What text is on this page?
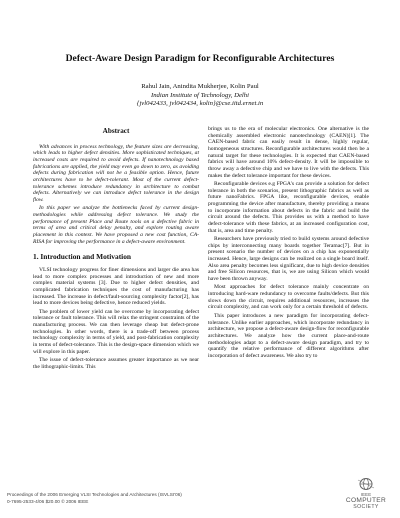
Defect-Aware Design Paradigm for Reconfigurable Architectures
Rahul Jain, Anindita Mukherjee, Kolin Paul
Indian Institute of Technology, Delhi
{jvl042433, jvl042434, kolin}@cse.iitd.ernet.in
Abstract

With advances in process technology, the feature sizes are decreasing, which leads to higher defect densities. More sophisticated techniques, at increased costs are required to avoid defects. If nanotechnology based fabrications are applied, the yield may even go down to zero, as avoiding defects during fabrication will not be a feasible option. Hence, future architectures have to be defect-tolerant. Most of the current defect-tolerance schemes introduce redundancy in architecture to combat defects. Alternatively we can introduce defect tolerance in the design flow.

In this paper we analyze the bottlenecks faced by current design-methodologies while addressing defect tolerance. We study the performance of present Place and Route tools on a defective fabric in terms of area and critical delay penalty, and explore routing aware placement in this context. We have proposed a new cost function, CA-RISA for improving the performance in a defect-aware environment.

1. Introduction and Motivation

VLSI technology progress for finer dimensions and larger die area has lead to more complex processes and introduction of new and more complex material systems [3]. Due to higher defect densities, and complicated fabrication techniques the cost of manufacturing has increased. The increase in defect/fault-sourcing complexity factor[2], has lead to more devices being defective, hence reduced yields.

The problem of lower yield can be overcome by incorporating defect tolerance or fault tolerance. This will relax the stringent constraints of the manufacturing process. We can then leverage cheap but defect-prone technologies. In other words, there is a trade-off between process technology complexity in terms of yield, and post-fabrication complexity in terms of defect-tolerance. This is the design-space dimension which we will explore in this paper.

The issue of defect-tolerance assumes greater importance as we near the lithographic-limits. This

brings us to the era of molecular electronics. One alternative is the chemically assembled electronic nanotechnology (CAEN)[1]. The CAEN-based fabric can easily result in dense, highly regular, homogeneous structures. Reconfigurable architectures would then be a natural target for these technologies. It is expected that CAEN-based fabrics will have around 10% defect-density. It will be impossible to throw away a defective chip and we have to live with the defects. This makes the defect tolerance important for these devices.

Reconfigurable devices e.g FPGA's can provide a solution for defect tolerance in both the scenarios, present lithographic fabrics as well as future nanoFabrics. FPGA like, reconfigurable devices, enable programming the device after manufacture, thereby providing a means to incorporate information about defects in the fabric and build the circuit around the defects. This provides us with a method to have defect-tolerance with these fabrics, at an increased configuration cost, that is, area and time penalty.

Researchers have previously tried to build systems around defective chips by interconnecting many boards together Teramac[7]. But in present scenario the number of devices on a chip has exponentially increased. Hence, large designs can be realized on a single board itself. Also area penalty becomes less significant, due to high device densities and free Silicon resources, that is, we are using Silicon which would have been thrown anyway.

Most approaches for defect tolerance mainly concentrate on introducing hard-ware redundancy to overcome faults/defects. But this slows down the circuit, requires additional resources, increases the circuit complexity, and can work only for a certain threshold of defects.

This paper introduces a new paradigm for incorporating defect-tolerance. Unlike earlier approaches, which incorporate redundancy in architecture, we propose a defect-aware design-flow for reconfigurable architectures. We analyze how the current place-and-route methodologies adapt to a defect-aware design paradigm, and try to quantify the relative performance of different algorithms after incorporation of defect awareness. We also try to

Proceedings of the 2006 Emerging VLSI Technologies and Architectures (ISVLSI'06)
0-7695-2533-4/06 $20.00 © 2006 IEEE
IEEE
COMPUTER
SOCIETY
